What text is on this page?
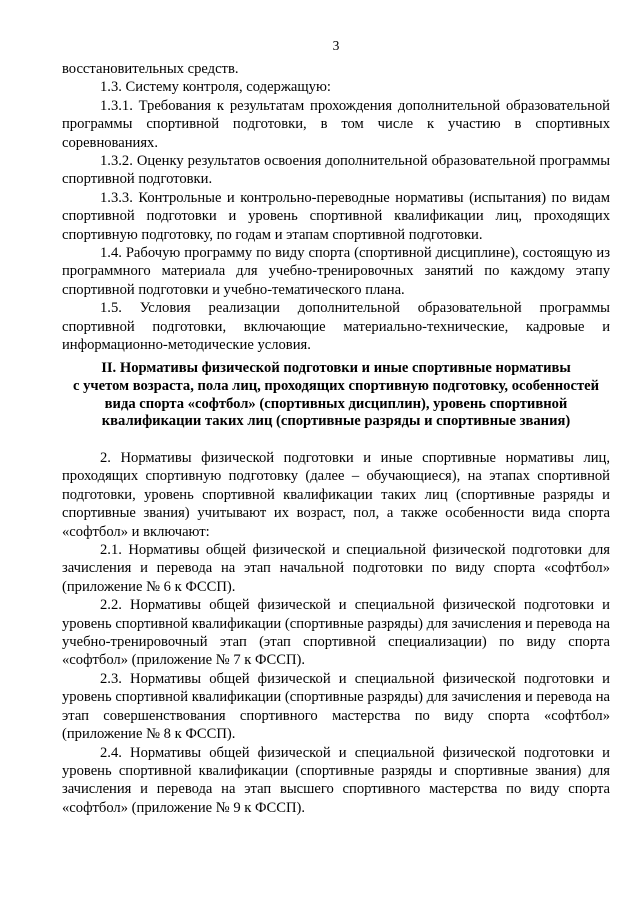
3

восстановительных средств.

1.3. Систему контроля, содержащую:

1.3.1. Требования к результатам прохождения дополнительной образовательной программы спортивной подготовки, в том числе к участию в спортивных соревнованиях.

1.3.2. Оценку результатов освоения дополнительной образовательной программы спортивной подготовки.

1.3.3. Контрольные и контрольно-переводные нормативы (испытания) по видам спортивной подготовки и уровень спортивной квалификации лиц, проходящих спортивную подготовку, по годам и этапам спортивной подготовки.

1.4. Рабочую программу по виду спорта (спортивной дисциплине), состоящую из программного материала для учебно-тренировочных занятий по каждому этапу спортивной подготовки и учебно-тематического плана.

1.5. Условия реализации дополнительной образовательной программы спортивной подготовки, включающие материально-технические, кадровые и информационно-методические условия.

II. Нормативы физической подготовки и иные спортивные нормативы
с учетом возраста, пола лиц, проходящих спортивную подготовку, особенностей
вида спорта «софтбол» (спортивных дисциплин), уровень спортивной
квалификации таких лиц (спортивные разряды и спортивные звания)

2. Нормативы физической подготовки и иные спортивные нормативы лиц, проходящих спортивную подготовку (далее – обучающиеся), на этапах спортивной подготовки, уровень спортивной квалификации таких лиц (спортивные разряды и спортивные звания) учитывают их возраст, пол, а также особенности вида спорта «софтбол» и включают:

2.1. Нормативы общей физической и специальной физической подготовки для зачисления и перевода на этап начальной подготовки по виду спорта «софтбол» (приложение № 6 к ФССП).

2.2. Нормативы общей физической и специальной физической подготовки и уровень спортивной квалификации (спортивные разряды) для зачисления и перевода на учебно-тренировочный этап (этап спортивной специализации) по виду спорта «софтбол» (приложение № 7 к ФССП).

2.3. Нормативы общей физической и специальной физической подготовки и уровень спортивной квалификации (спортивные разряды) для зачисления и перевода на этап совершенствования спортивного мастерства по виду спорта «софтбол» (приложение № 8 к ФССП).

2.4. Нормативы общей физической и специальной физической подготовки и уровень спортивной квалификации (спортивные разряды и спортивные звания) для зачисления и перевода на этап высшего спортивного мастерства по виду спорта «софтбол» (приложение № 9 к ФССП).
